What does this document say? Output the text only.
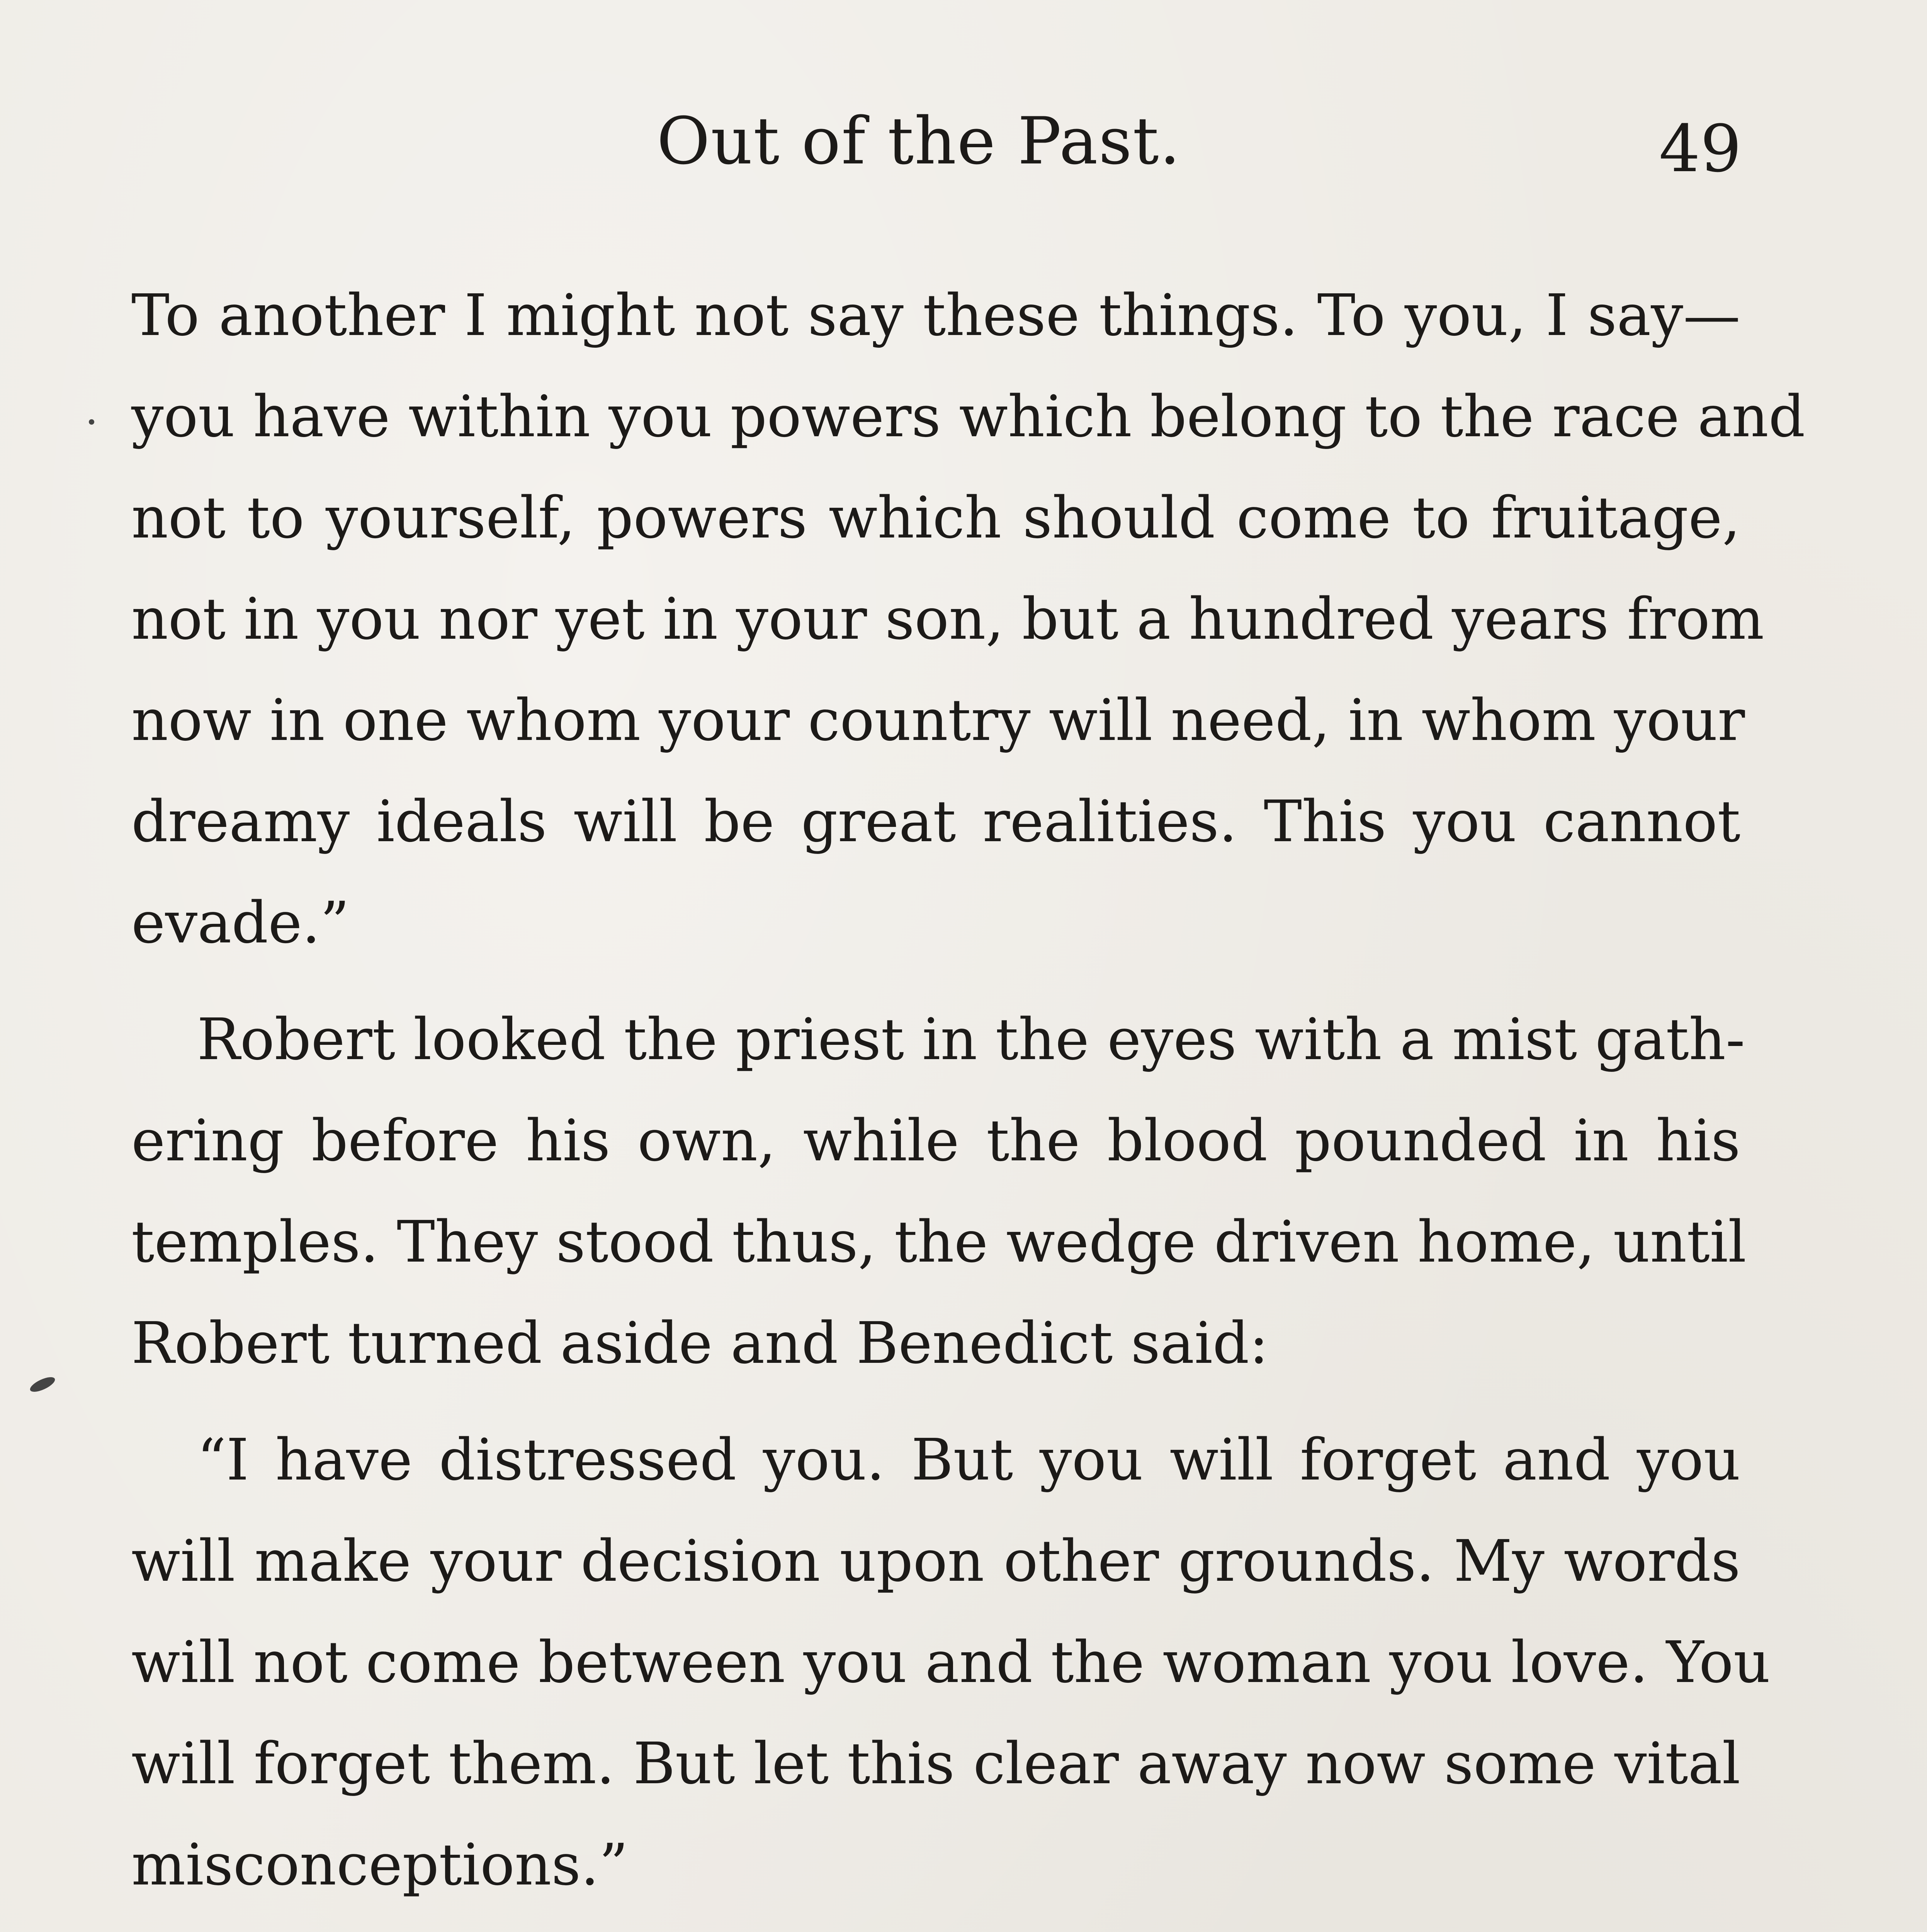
Out of the Past.	49
To another I might not say these things. To you, I say—
you have within you powers which belong to the race and
not to yourself, powers which should come to fruitage,
not in you nor yet in your son, but a hundred years from
now in one whom your country will need, in whom your
dreamy ideals will be great realities. This you cannot
evade.”
Robert looked the priest in the eyes with a mist gath-
ering before his own, while the blood pounded in his
temples. They stood thus, the wedge driven home, until
Robert turned aside and Benedict said:
“I have distressed you. But you will forget and you
will make your decision upon other grounds. My words
will not come between you and the woman you love. You
will forget them. But let this clear away now some vital
misconceptions.”
